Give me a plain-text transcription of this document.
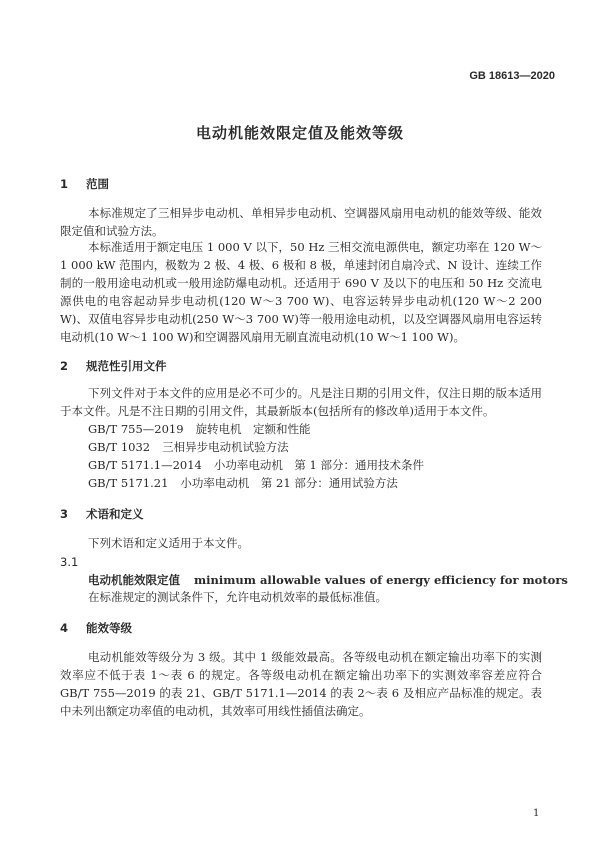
GB 18613—2020
电动机能效限定值及能效等级
1 范围

本标准规定了三相异步电动机、单相异步电动机、空调器风扇用电动机的能效等级、能效限定值和试验方法。

本标准适用于额定电压 1 000 V 以下，50 Hz 三相交流电源供电，额定功率在 120 W～1 000 kW 范围内，极数为 2 极、4 极、6 极和 8 极，单速封闭自扇冷式、N 设计、连续工作制的一般用途电动机或一般用途防爆电动机。还适用于 690 V 及以下的电压和 50 Hz 交流电源供电的电容起动异步电动机(120 W～3 700 W)、电容运转异步电动机(120 W～2 200 W)、双值电容异步电动机(250 W～3 700 W)等一般用途电动机，以及空调器风扇用电容运转电动机(10 W～1 100 W)和空调器风扇用无刷直流电动机(10 W～1 100 W)。

2 规范性引用文件

下列文件对于本文件的应用是必不可少的。凡是注日期的引用文件，仅注日期的版本适用于本文件。凡是不注日期的引用文件，其最新版本(包括所有的修改单)适用于本文件。

GB/T 755—2019 旋转电机　定额和性能
GB/T 1032 三相异步电动机试验方法
GB/T 5171.1—2014 小功率电动机　第 1 部分：通用技术条件
GB/T 5171.21 小功率电动机　第 21 部分：通用试验方法
3 术语和定义
下列术语和定义适用于本文件。
3.1
电动机能效限定值 minimum allowable values of energy efficiency for motors
在标准规定的测试条件下，允许电动机效率的最低标准值。
4 能效等级

电动机能效等级分为 3 级。其中 1 级能效最高。各等级电动机在额定输出功率下的实测效率应不低于表 1～表 6 的规定。各等级电动机在额定输出功率下的实测效率容差应符合 GB/T 755—2019 的表 21、GB/T 5171.1—2014 的表 2～表 6 及相应产品标准的规定。表中未列出额定功率值的电动机，其效率可用线性插值法确定。

1
